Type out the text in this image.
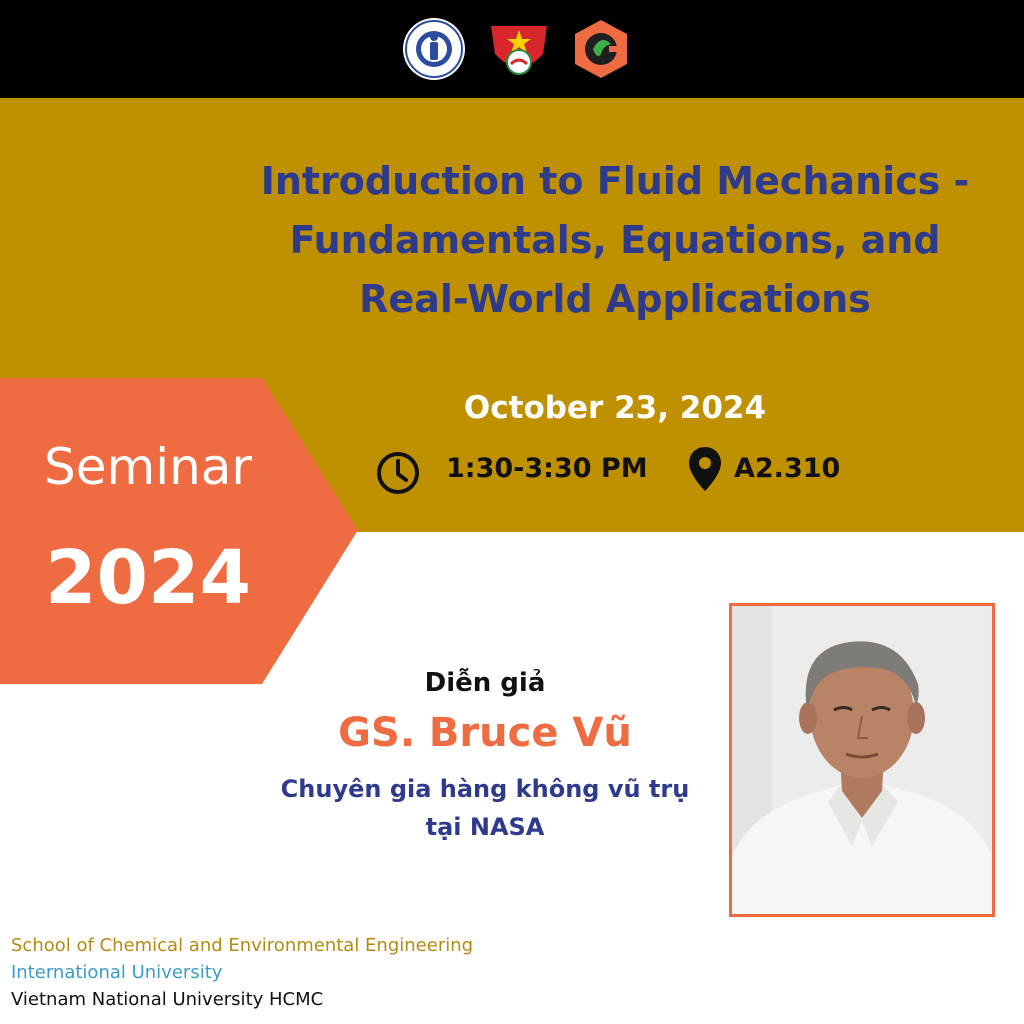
Introduction to Fluid Mechanics -
Fundamentals, Equations, and
Real-World Applications

October 23, 2024

1:30-3:30 PM	A2.310
Seminar
2024
Diễn giả
GS. Bruce Vũ
Chuyên gia hàng không vũ trụ
tại NASA
School of Chemical and Environmental Engineering
International University
Vietnam National University HCMC
